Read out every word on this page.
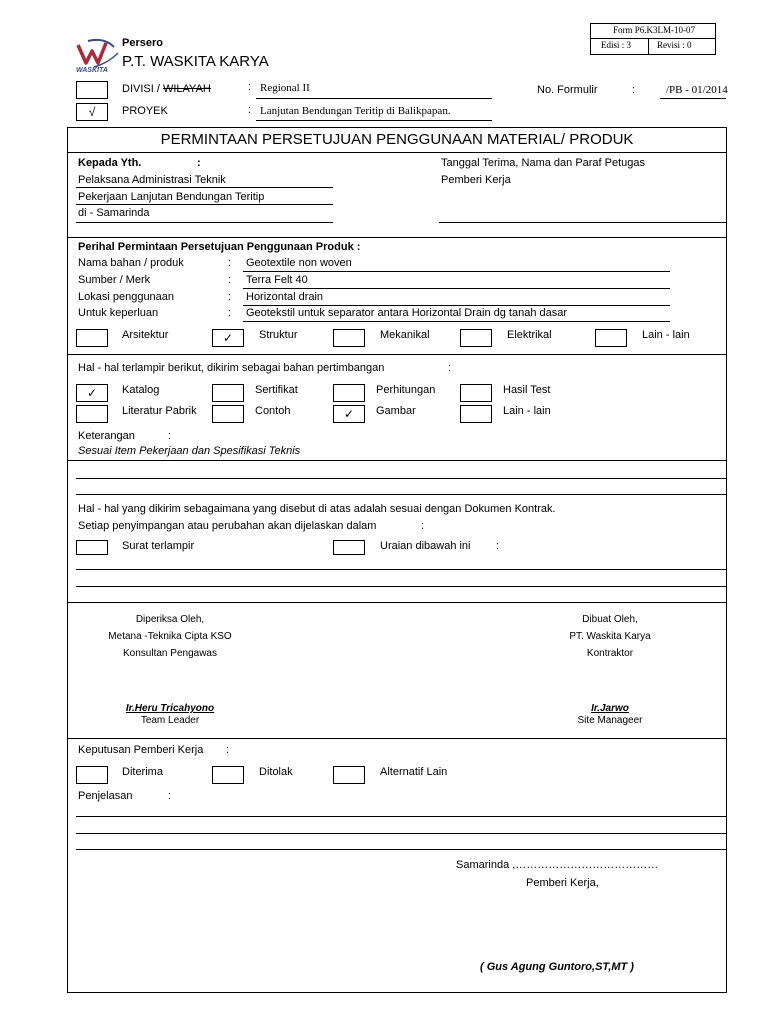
Form P6.K3LM-10-07
Edisi : 3	Revisi : 0
WASKITA
Persero
P.T. WASKITA KARYA
DIVISI / WILAYAH	: Regional II
√	PROYEK	: Lanjutan Bendungan Teritip di Balikpapan.
No. Formulir	:	/PB - 01/2014
PERMINTAAN PERSETUJUAN PENGGUNAAN MATERIAL/ PRODUK
Kepada Yth.	:
Pelaksana Administrasi Teknik
Pekerjaan Lanjutan Bendungan Teritip
di - Samarinda
Tanggal Terima, Nama dan Paraf Petugas
Pemberi Kerja
Perihal Permintaan Persetujuan Penggunaan Produk :
Nama bahan / produk	: Geotextile non woven
Sumber / Merk	: Terra Felt 40
Lokasi penggunaan	: Horizontal drain
Untuk keperluan	: Geotekstil untuk separator antara Horizontal Drain dg tanah dasar
Arsitektur	✓	Struktur	Mekanikal	Elektrikal	Lain - lain
Hal - hal terlampir berikut, dikirim sebagai bahan pertimbangan	:
✓	Katalog	Sertifikat	Perhitungan	Hasil Test
Literatur Pabrik	Contoh	✓	Gambar	Lain - lain
Keterangan	:
Sesuai Item Pekerjaan dan Spesifikasi Teknis
Hal - hal yang dikirim sebagaimana yang disebut di atas adalah sesuai dengan Dokumen Kontrak.
Setiap penyimpangan atau perubahan akan dijelaskan dalam	:
Surat terlampir	Uraian dibawah ini :
Diperiksa Oleh,
Metana -Teknika Cipta KSO
Konsultan Pengawas
Ir.Heru Tricahyono
Team Leader
Dibuat Oleh,
PT. Waskita Karya
Kontraktor
Ir.Jarwo
Site Manageer
Keputusan Pemberi Kerja :
Diterima	Ditolak	Alternatif Lain
Penjelasan	:
Samarinda ,…………………………………
Pemberi Kerja,
( Gus Agung Guntoro,ST,MT )
